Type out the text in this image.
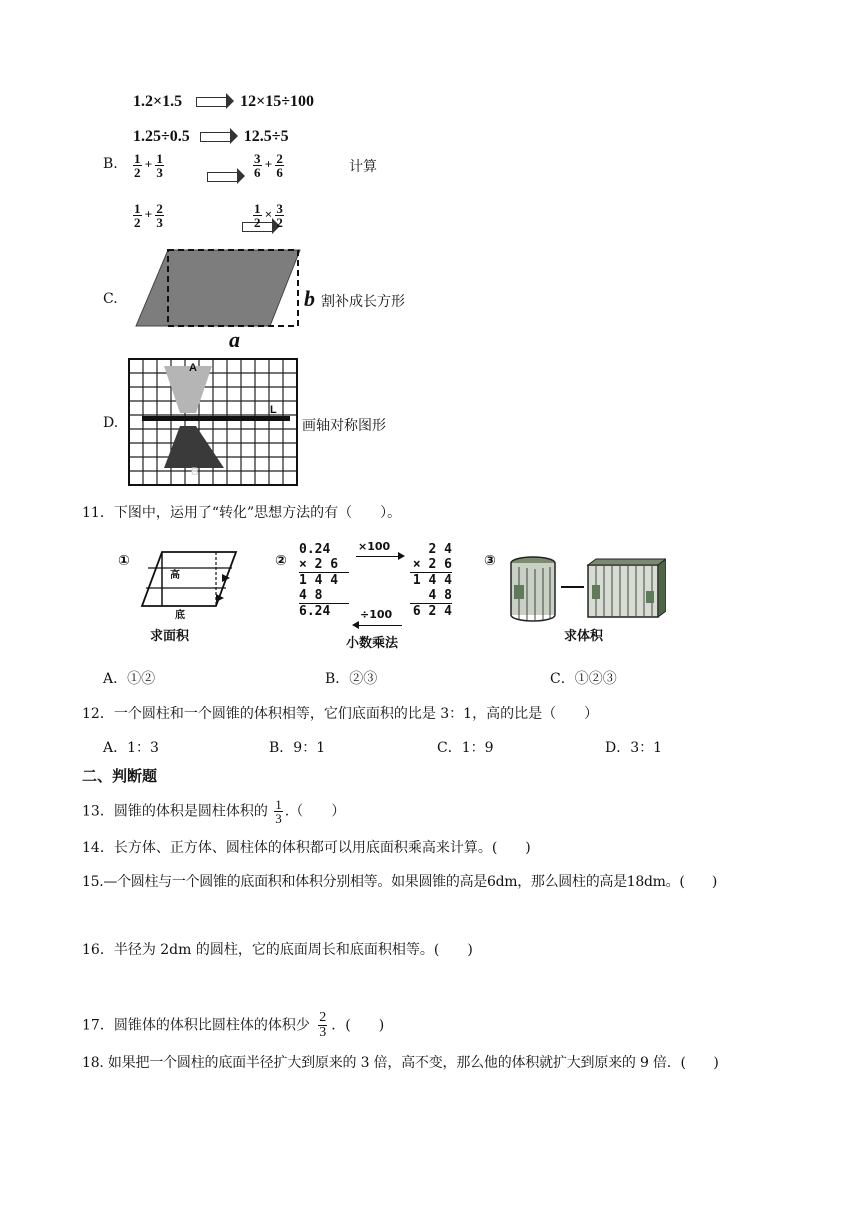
1.2×1.5	12×15÷100
1.25÷0.5	12.5÷5
B. $\frac{1}{2} + \frac{1}{3}$
	$\frac{3}{6} + \frac{2}{6}$	计算
$\frac{1}{2} + \frac{2}{3}$	$\frac{1}{2} \times \frac{3}{2}$
C.	b 割补成长方形
a
D.
A
B
L
画轴对称图形
11．下图中，运用了“转化”思想方法的有（　　）。
①
高
底
求面积
②
0.24
× 2 6
1 4 4
4 8
6.24
×100
÷100
2 4
× 2 6
1 4 4
4 8
6 2 4
小数乘法
③
求体积
A．①②	B．②③	C．①②③
12．一个圆柱和一个圆锥的体积相等，它们底面积的比是 3：1，高的比是（　　）
A．1：3	B．9：1	C．1：9	D．3：1
二、判断题
13．圆锥的体积是圆柱体积的 $\frac{1}{3}$ .（　　）
14．长方体、正方体、圆柱体的体积都可以用底面积乘高来计算。(　　)
15.—个圆柱与一个圆锥的底面积和体积分别相等。如果圆锥的高是6dm，那么圆柱的高是18dm。(　　)
16．半径为 2dm 的圆柱，它的底面周长和底面积相等。(　　)
17．圆锥体的体积比圆柱体的体积少 $\frac{2}{3}$ ．(　　)
18. 如果把一个圆柱的底面半径扩大到原来的 3 倍，高不变，那么他的体积就扩大到原来的 9 倍．(　　)
